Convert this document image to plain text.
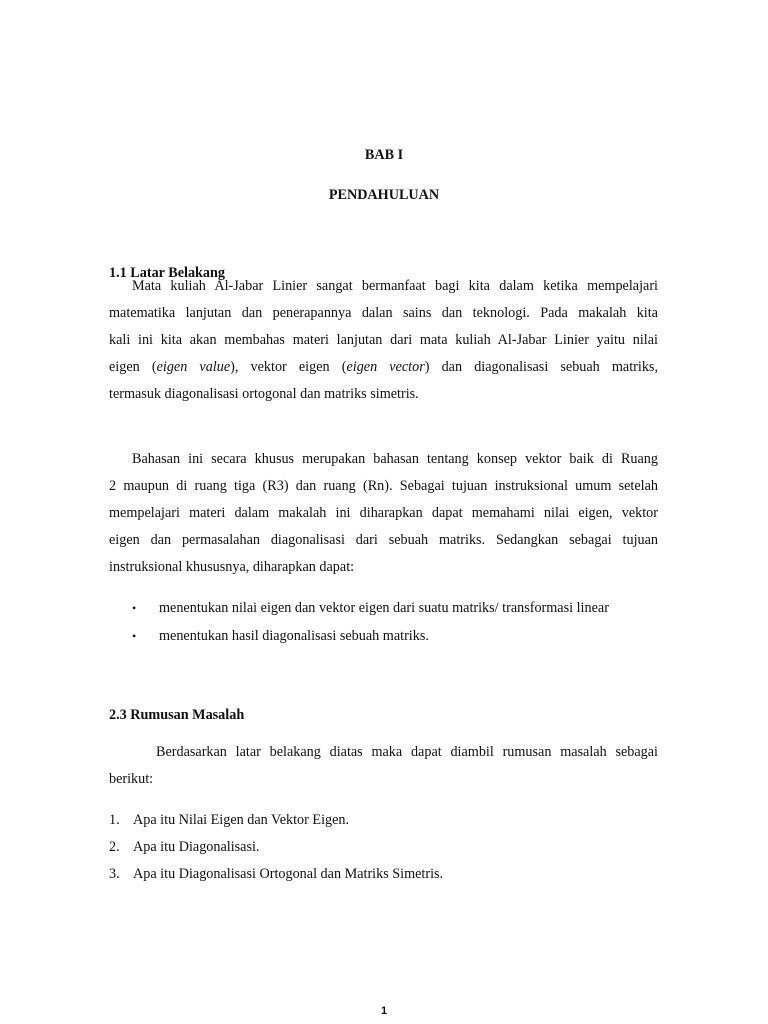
BAB I
PENDAHULUAN
1.1 Latar Belakang
Mata kuliah Al-Jabar Linier sangat bermanfaat bagi kita dalam ketika mempelajari
matematika lanjutan dan penerapannya dalan sains dan teknologi. Pada makalah kita
kali ini kita akan membahas materi lanjutan dari mata kuliah Al-Jabar Linier yaitu nilai
eigen (eigen value), vektor eigen (eigen vector) dan diagonalisasi sebuah matriks,
termasuk diagonalisasi ortogonal dan matriks simetris.
Bahasan ini secara khusus merupakan bahasan tentang konsep vektor baik di Ruang
2 maupun di ruang tiga (R3) dan ruang (Rn). Sebagai tujuan instruksional umum setelah
mempelajari materi dalam makalah ini diharapkan dapat memahami nilai eigen, vektor
eigen dan permasalahan diagonalisasi dari sebuah matriks. Sedangkan sebagai tujuan
instruksional khususnya, diharapkan dapat:
• menentukan nilai eigen dan vektor eigen dari suatu matriks/ transformasi linear
• menentukan hasil diagonalisasi sebuah matriks.
2.3 Rumusan Masalah
Berdasarkan latar belakang diatas maka dapat diambil rumusan masalah sebagai
berikut:
1. Apa itu Nilai Eigen dan Vektor Eigen.
2. Apa itu Diagonalisasi.
3. Apa itu Diagonalisasi Ortogonal dan Matriks Simetris.
1
